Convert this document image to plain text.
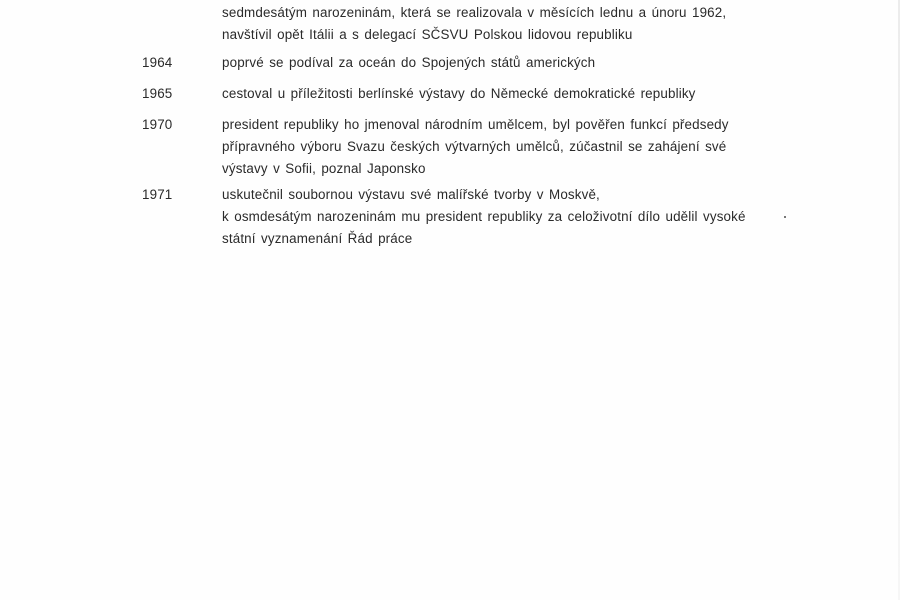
sedmdesátým narozeninám, která se realizovala v měsících lednu a únoru 1962,
navštívil opět Itálii a s delegací SČSVU Polskou lidovou republiku
1964	poprvé se podíval za oceán do Spojených států amerických
1965	cestoval u příležitosti berlínské výstavy do Německé demokratické republiky
1970	president republiky ho jmenoval národním umělcem, byl pověřen funkcí předsedy
přípravného výboru Svazu českých výtvarných umělců, zúčastnil se zahájení své
výstavy v Sofii, poznal Japonsko
1971	uskutečnil soubornou výstavu své malířské tvorby v Moskvě,
k osmdesátým narozeninám mu president republiky za celoživotní dílo udělil vysoké
státní vyznamenání Řád práce
